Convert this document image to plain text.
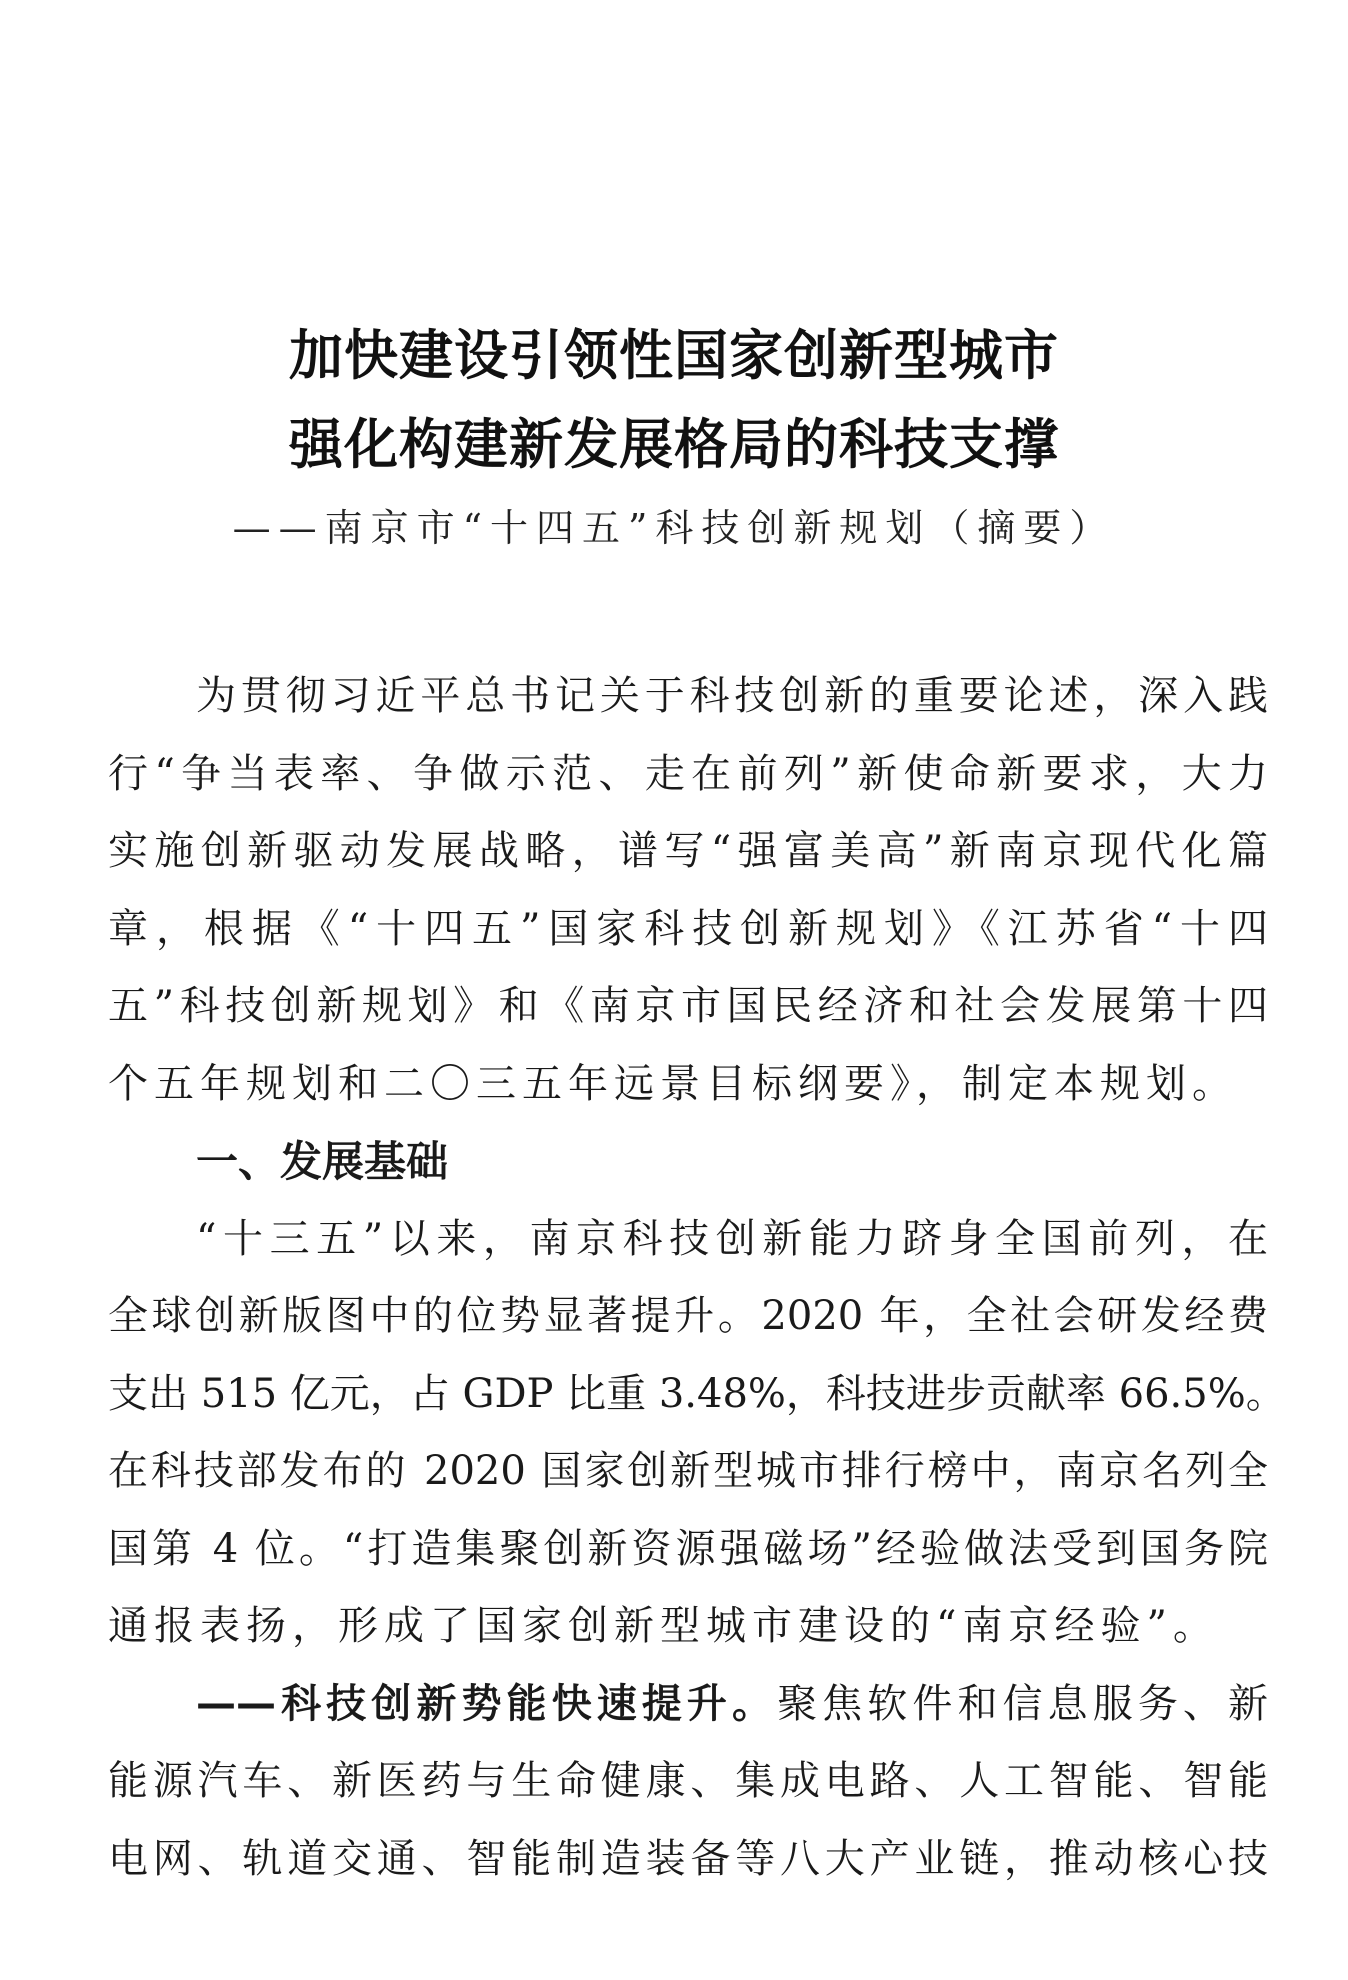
加快建设引领性国家创新型城市
强化构建新发展格局的科技支撑
——南京市“十四五”科技创新规划（摘要）
为贯彻习近平总书记关于科技创新的重要论述，深入践
行“争当表率、争做示范、走在前列”新使命新要求，大力
实施创新驱动发展战略，谱写“强富美高”新南京现代化篇
章，根据《“十四五”国家科技创新规划》《江苏省“十四
五”科技创新规划》和《南京市国民经济和社会发展第十四
个五年规划和二〇三五年远景目标纲要》，制定本规划。
一、发展基础
“十三五”以来，南京科技创新能力跻身全国前列，在
全球创新版图中的位势显著提升。2020 年，全社会研发经费
支出 515 亿元，占 GDP 比重 3.48%，科技进步贡献率 66.5%。
在科技部发布的 2020 国家创新型城市排行榜中，南京名列全
国第 4 位。“打造集聚创新资源强磁场”经验做法受到国务院
通报表扬，形成了国家创新型城市建设的“南京经验”。
——科技创新势能快速提升。聚焦软件和信息服务、新
能源汽车、新医药与生命健康、集成电路、人工智能、智能
电网、轨道交通、智能制造装备等八大产业链，推动核心技
